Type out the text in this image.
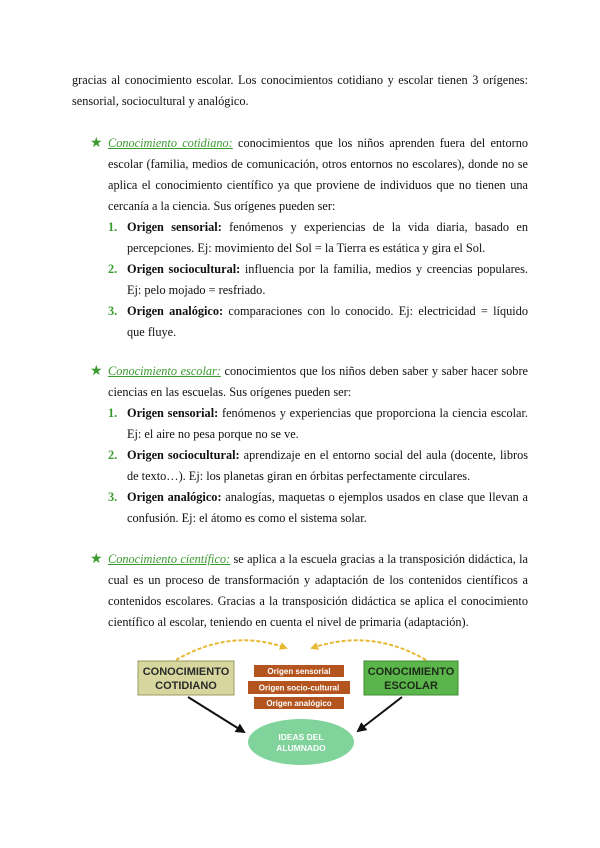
gracias al conocimiento escolar. Los conocimientos cotidiano y escolar tienen 3 orígenes: sensorial, sociocultural y analógico.
★ Conocimiento cotidiano: conocimientos que los niños aprenden fuera del entorno escolar (familia, medios de comunicación, otros entornos no escolares), donde no se aplica el conocimiento científico ya que proviene de individuos que no tienen una cercanía a la ciencia. Sus orígenes pueden ser:
1. Origen sensorial: fenómenos y experiencias de la vida diaria, basado en percepciones. Ej: movimiento del Sol = la Tierra es estática y gira el Sol.
2. Origen sociocultural: influencia por la familia, medios y creencias populares. Ej: pelo mojado = resfriado.
3. Origen analógico: comparaciones con lo conocido. Ej: electricidad = líquido que fluye.
★ Conocimiento escolar: conocimientos que los niños deben saber y saber hacer sobre ciencias en las escuelas. Sus orígenes pueden ser:
1. Origen sensorial: fenómenos y experiencias que proporciona la ciencia escolar. Ej: el aire no pesa porque no se ve.
2. Origen sociocultural: aprendizaje en el entorno social del aula (docente, libros de texto…). Ej: los planetas giran en órbitas perfectamente circulares.
3. Origen analógico: analogías, maquetas o ejemplos usados en clase que llevan a confusión. Ej: el átomo es como el sistema solar.
★ Conocimiento científico: se aplica a la escuela gracias a la transposición didáctica, la cual es un proceso de transformación y adaptación de los contenidos científicos a contenidos escolares. Gracias a la transposición didáctica se aplica el conocimiento científico al escolar, teniendo en cuenta el nivel de primaria (adaptación).
CONOCIMIENTO
COTIDIANO
CONOCIMIENTO
ESCOLAR
Origen sensorial
Origen socio-cultural
Origen analógico
IDEAS DEL
ALUMNADO
